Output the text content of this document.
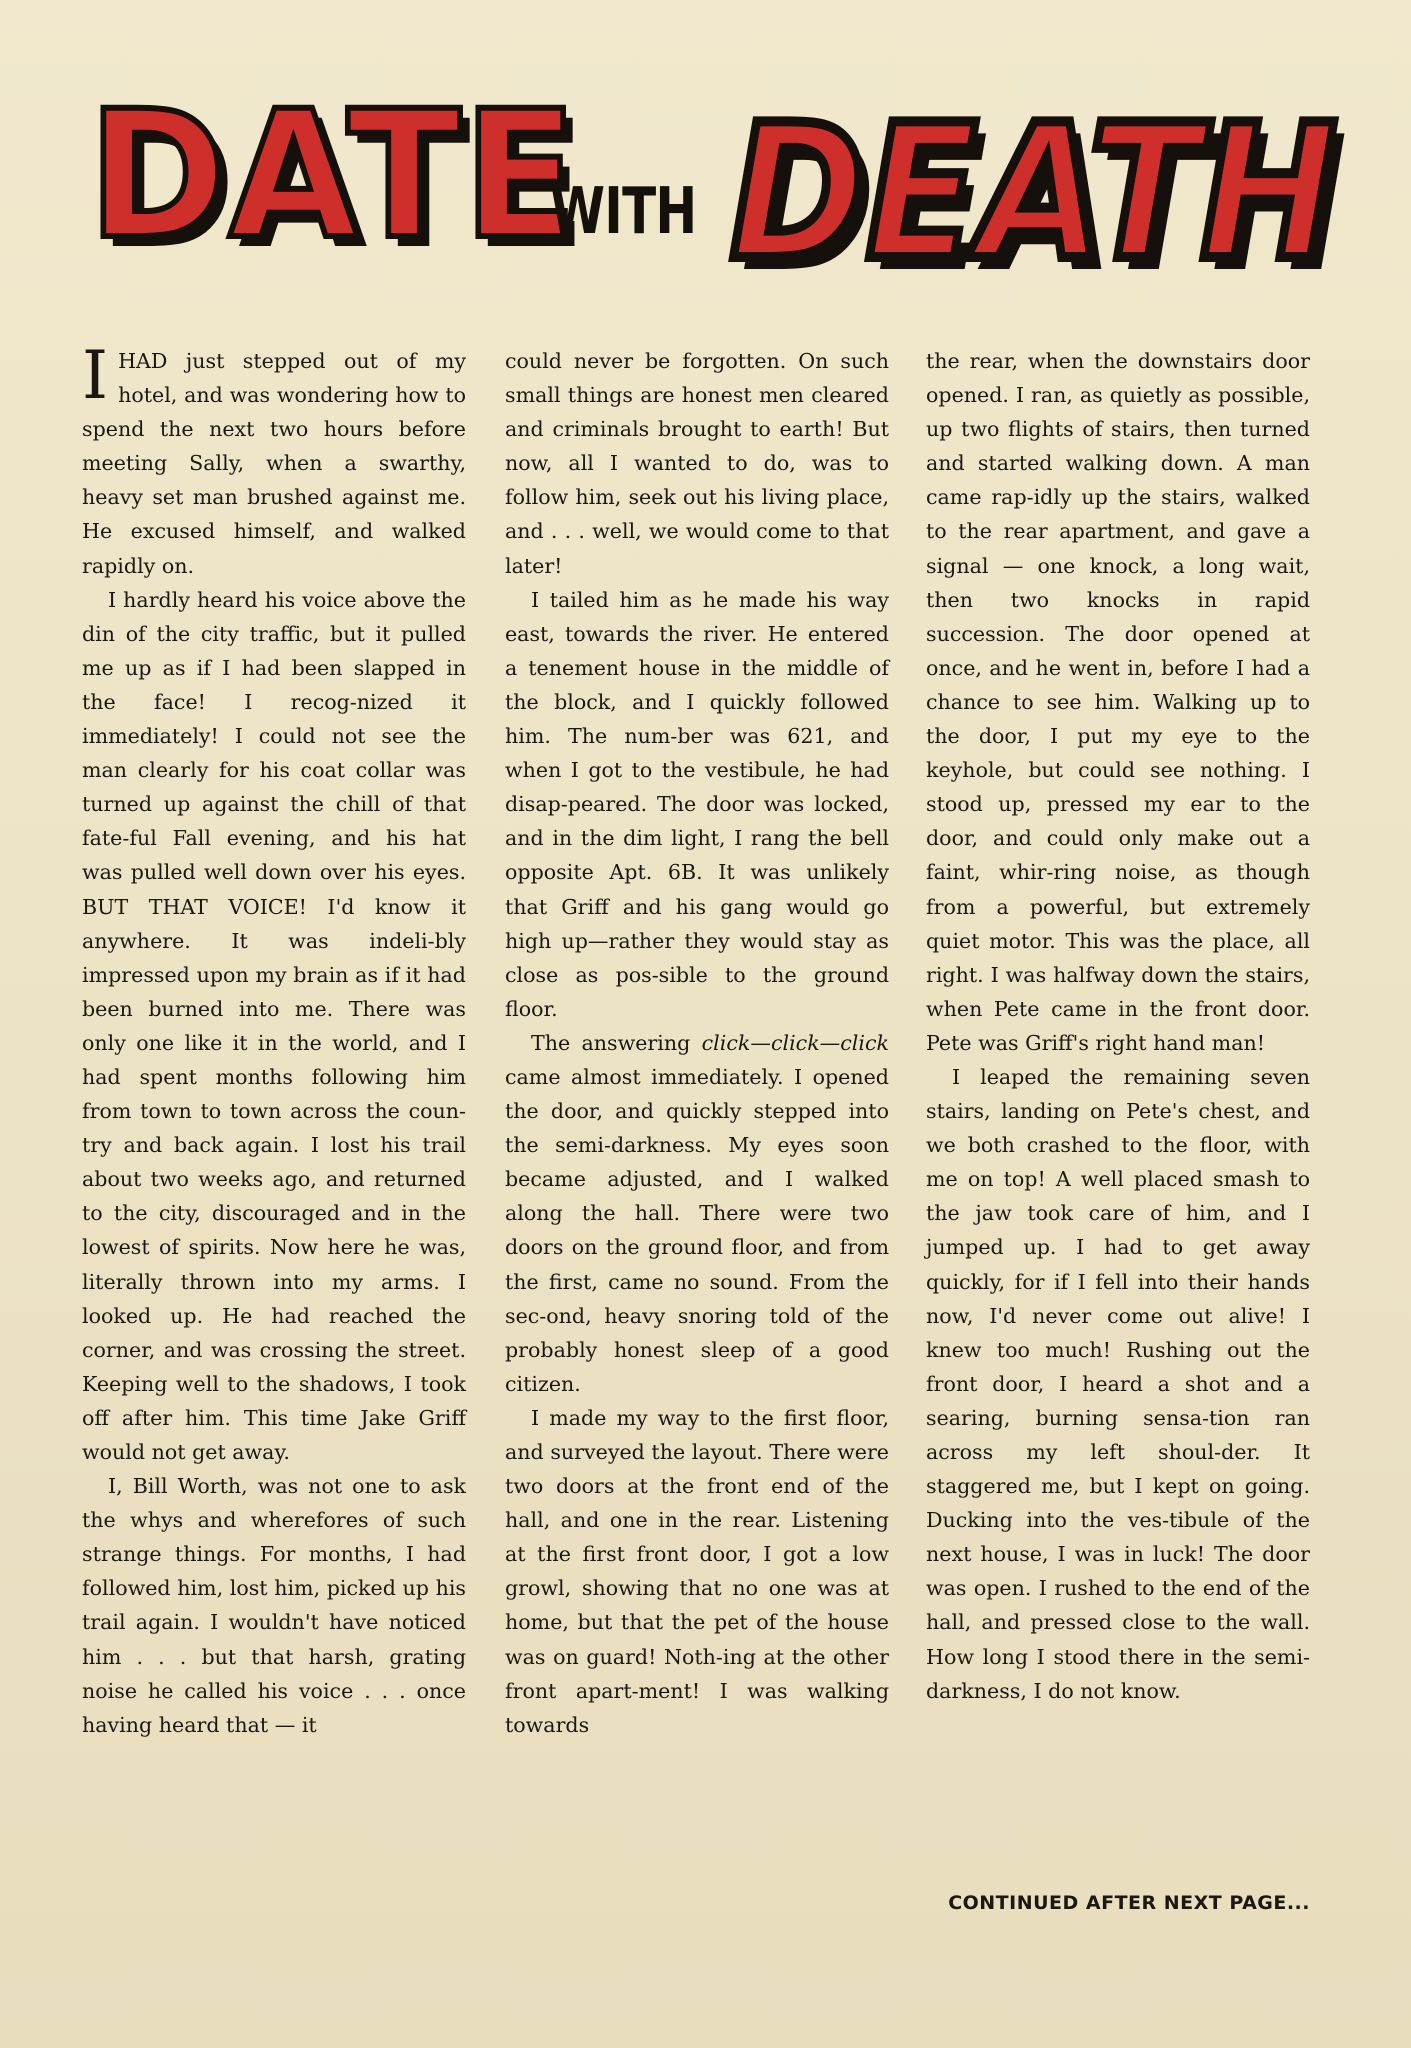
DATE
WITH DEATH

IHAD just stepped out of my hotel, and was wondering how to spend the next two hours before meeting Sally, when a swarthy, heavy set man brushed against me. He excused himself, and walked rapidly on.

I hardly heard his voice above the din of the city traffic, but it pulled me up as if I had been slapped in the face! I recog-nized it immediately! I could not see the man clearly for his coat collar was turned up against the chill of that fate-ful Fall evening, and his hat was pulled well down over his eyes. BUT THAT VOICE! I'd know it anywhere. It was indeli-bly impressed upon my brain as if it had been burned into me. There was only one like it in the world, and I had spent months following him from town to town across the coun-try and back again. I lost his trail about two weeks ago, and returned to the city, discouraged and in the lowest of spirits. Now here he was, literally thrown into my arms. I looked up. He had reached the corner, and was crossing the street. Keeping well to the shadows, I took off after him. This time Jake Griff would not get away.

I, Bill Worth, was not one to ask the whys and wherefores of such strange things. For months, I had followed him, lost him, picked up his trail again. I wouldn't have noticed him . . . but that harsh, grating noise he called his voice . . . once having heard that — it

could never be forgotten. On such small things are honest men cleared and criminals brought to earth! But now, all I wanted to do, was to follow him, seek out his living place, and . . . well, we would come to that later!

I tailed him as he made his way east, towards the river. He entered a tenement house in the middle of the block, and I quickly followed him. The num-ber was 621, and when I got to the vestibule, he had disap-peared. The door was locked, and in the dim light, I rang the bell opposite Apt. 6B. It was unlikely that Griff and his gang would go high up—rather they would stay as close as pos-sible to the ground floor.

The answering click—click—click came almost immediately. I opened the door, and quickly stepped into the semi-darkness. My eyes soon became adjusted, and I walked along the hall. There were two doors on the ground floor, and from the first, came no sound. From the sec-ond, heavy snoring told of the probably honest sleep of a good citizen.

I made my way to the first floor, and surveyed the layout. There were two doors at the front end of the hall, and one in the rear. Listening at the first front door, I got a low growl, showing that no one was at home, but that the pet of the house was on guard! Noth-ing at the other front apart-ment! I was walking towards

the rear, when the downstairs door opened. I ran, as quietly as possible, up two flights of stairs, then turned and started walking down. A man came rap-idly up the stairs, walked to the rear apartment, and gave a signal — one knock, a long wait, then two knocks in rapid succession. The door opened at once, and he went in, before I had a chance to see him. Walking up to the door, I put my eye to the keyhole, but could see nothing. I stood up, pressed my ear to the door, and could only make out a faint, whir-ring noise, as though from a powerful, but extremely quiet motor. This was the place, all right. I was halfway down the stairs, when Pete came in the front door. Pete was Griff's right hand man!

I leaped the remaining seven stairs, landing on Pete's chest, and we both crashed to the floor, with me on top! A well placed smash to the jaw took care of him, and I jumped up. I had to get away quickly, for if I fell into their hands now, I'd never come out alive! I knew too much! Rushing out the front door, I heard a shot and a searing, burning sensa-tion ran across my left shoul-der. It staggered me, but I kept on going. Ducking into the ves-tibule of the next house, I was in luck! The door was open. I rushed to the end of the hall, and pressed close to the wall. How long I stood there in the semi-darkness, I do not know.

CONTINUED AFTER NEXT PAGE...
